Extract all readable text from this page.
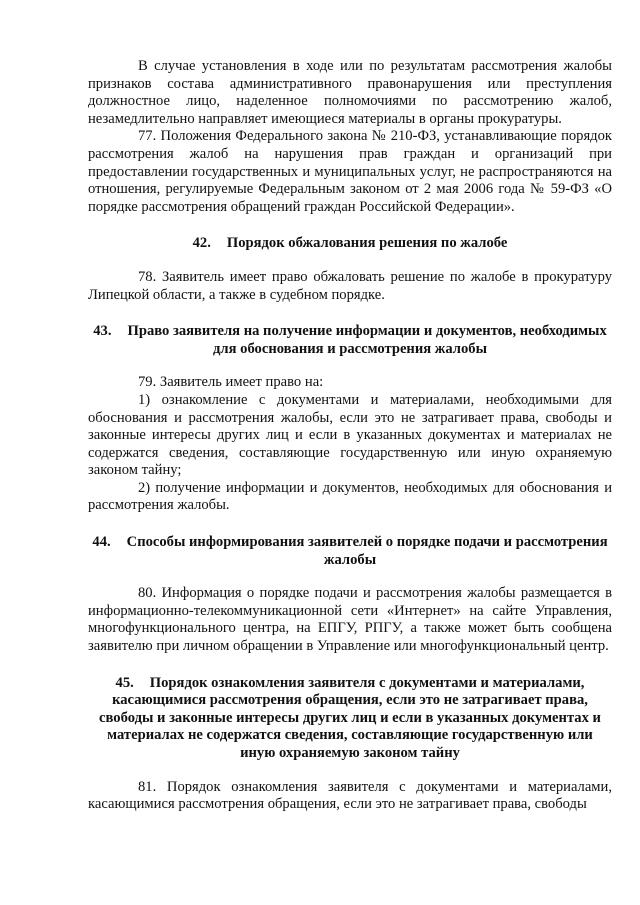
В случае установления в ходе или по результатам рассмотрения жалобы признаков состава административного правонарушения или преступления должностное лицо, наделенное полномочиями по рассмотрению жалоб, незамедлительно направляет имеющиеся материалы в органы прокуратуры.

77. Положения Федерального закона № 210-ФЗ, устанавливающие порядок рассмотрения жалоб на нарушения прав граждан и организаций при предоставлении государственных и муниципальных услуг, не распространяются на отношения, регулируемые Федеральным законом от 2 мая 2006 года № 59-ФЗ «О порядке рассмотрения обращений граждан Российской Федерации».

42. Порядок обжалования решения по жалобе

78. Заявитель имеет право обжаловать решение по жалобе в прокуратуру Липецкой области, а также в судебном порядке.

43. Право заявителя на получение информации и документов, необходимых для обоснования и рассмотрения жалобы

79. Заявитель имеет право на:

1) ознакомление с документами и материалами, необходимыми для обоснования и рассмотрения жалобы, если это не затрагивает права, свободы и законные интересы других лиц и если в указанных документах и материалах не содержатся сведения, составляющие государственную или иную охраняемую законом тайну;

2) получение информации и документов, необходимых для обоснования и рассмотрения жалобы.

44. Способы информирования заявителей о порядке подачи и рассмотрения жалобы

80. Информация о порядке подачи и рассмотрения жалобы размещается в информационно-телекоммуникационной сети «Интернет» на сайте Управления, многофункционального центра, на ЕПГУ, РПГУ, а также может быть сообщена заявителю при личном обращении в Управление или многофункциональный центр.

45. Порядок ознакомления заявителя с документами и материалами, касающимися рассмотрения обращения, если это не затрагивает права, свободы и законные интересы других лиц и если в указанных документах и материалах не содержатся сведения, составляющие государственную или иную охраняемую законом тайну

81. Порядок ознакомления заявителя с документами и материалами, касающимися рассмотрения обращения, если это не затрагивает права, свободы
